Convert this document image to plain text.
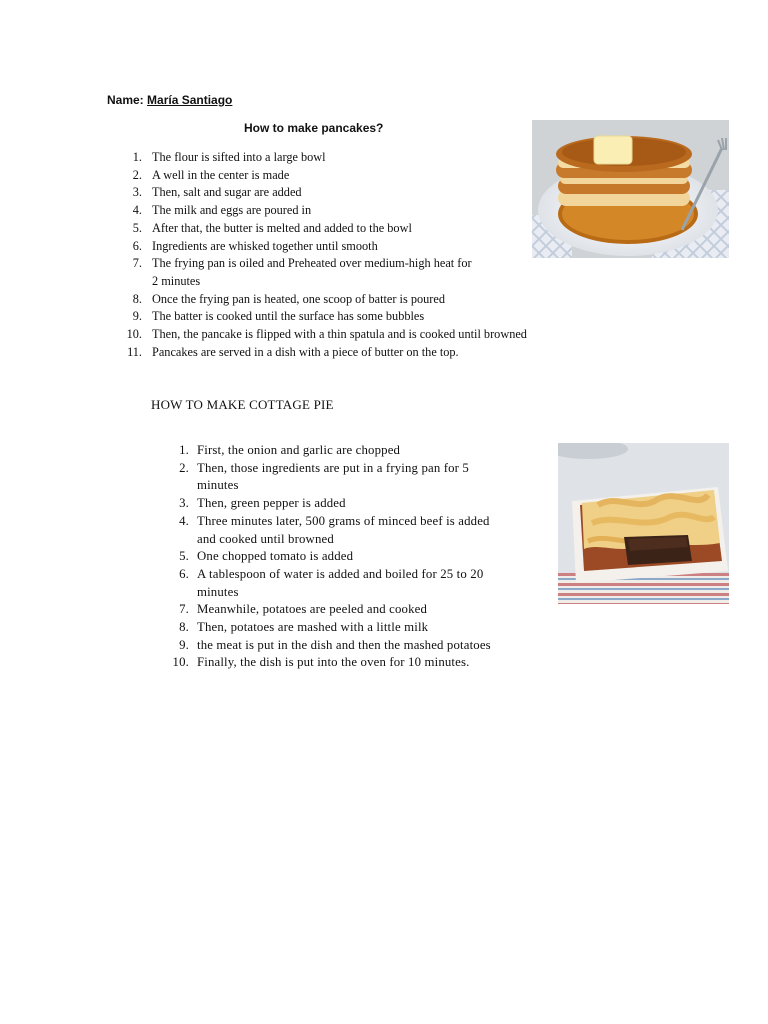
Name: María Santiago
How to make pancakes?
1. The flour is sifted into a large bowl
2. A well in the center is made
3. Then, salt and sugar are added
4. The milk and eggs are poured in
5. After that, the butter is melted and added to the bowl
6. Ingredients are whisked together until smooth
7. The frying pan is oiled and Preheated over medium-high heat for
2 minutes
8. Once the frying pan is heated, one scoop of batter is poured
9. The batter is cooked until the surface has some bubbles
10. Then, the pancake is flipped with a thin spatula and is cooked until browned
11. Pancakes are served in a dish with a piece of butter on the top.
HOW TO MAKE COTTAGE PIE
1. First, the onion and garlic are chopped
2. Then, those ingredients are put in a frying pan for 5
minutes
3. Then, green pepper is added
4. Three minutes later, 500 grams of minced beef is added
and cooked until browned
5. One chopped tomato is added
6. A tablespoon of water is added and boiled for 25 to 20
minutes
7. Meanwhile, potatoes are peeled and cooked
8. Then, potatoes are mashed with a little milk
9. the meat is put in the dish and then the mashed potatoes
10. Finally, the dish is put into the oven for 10 minutes.
